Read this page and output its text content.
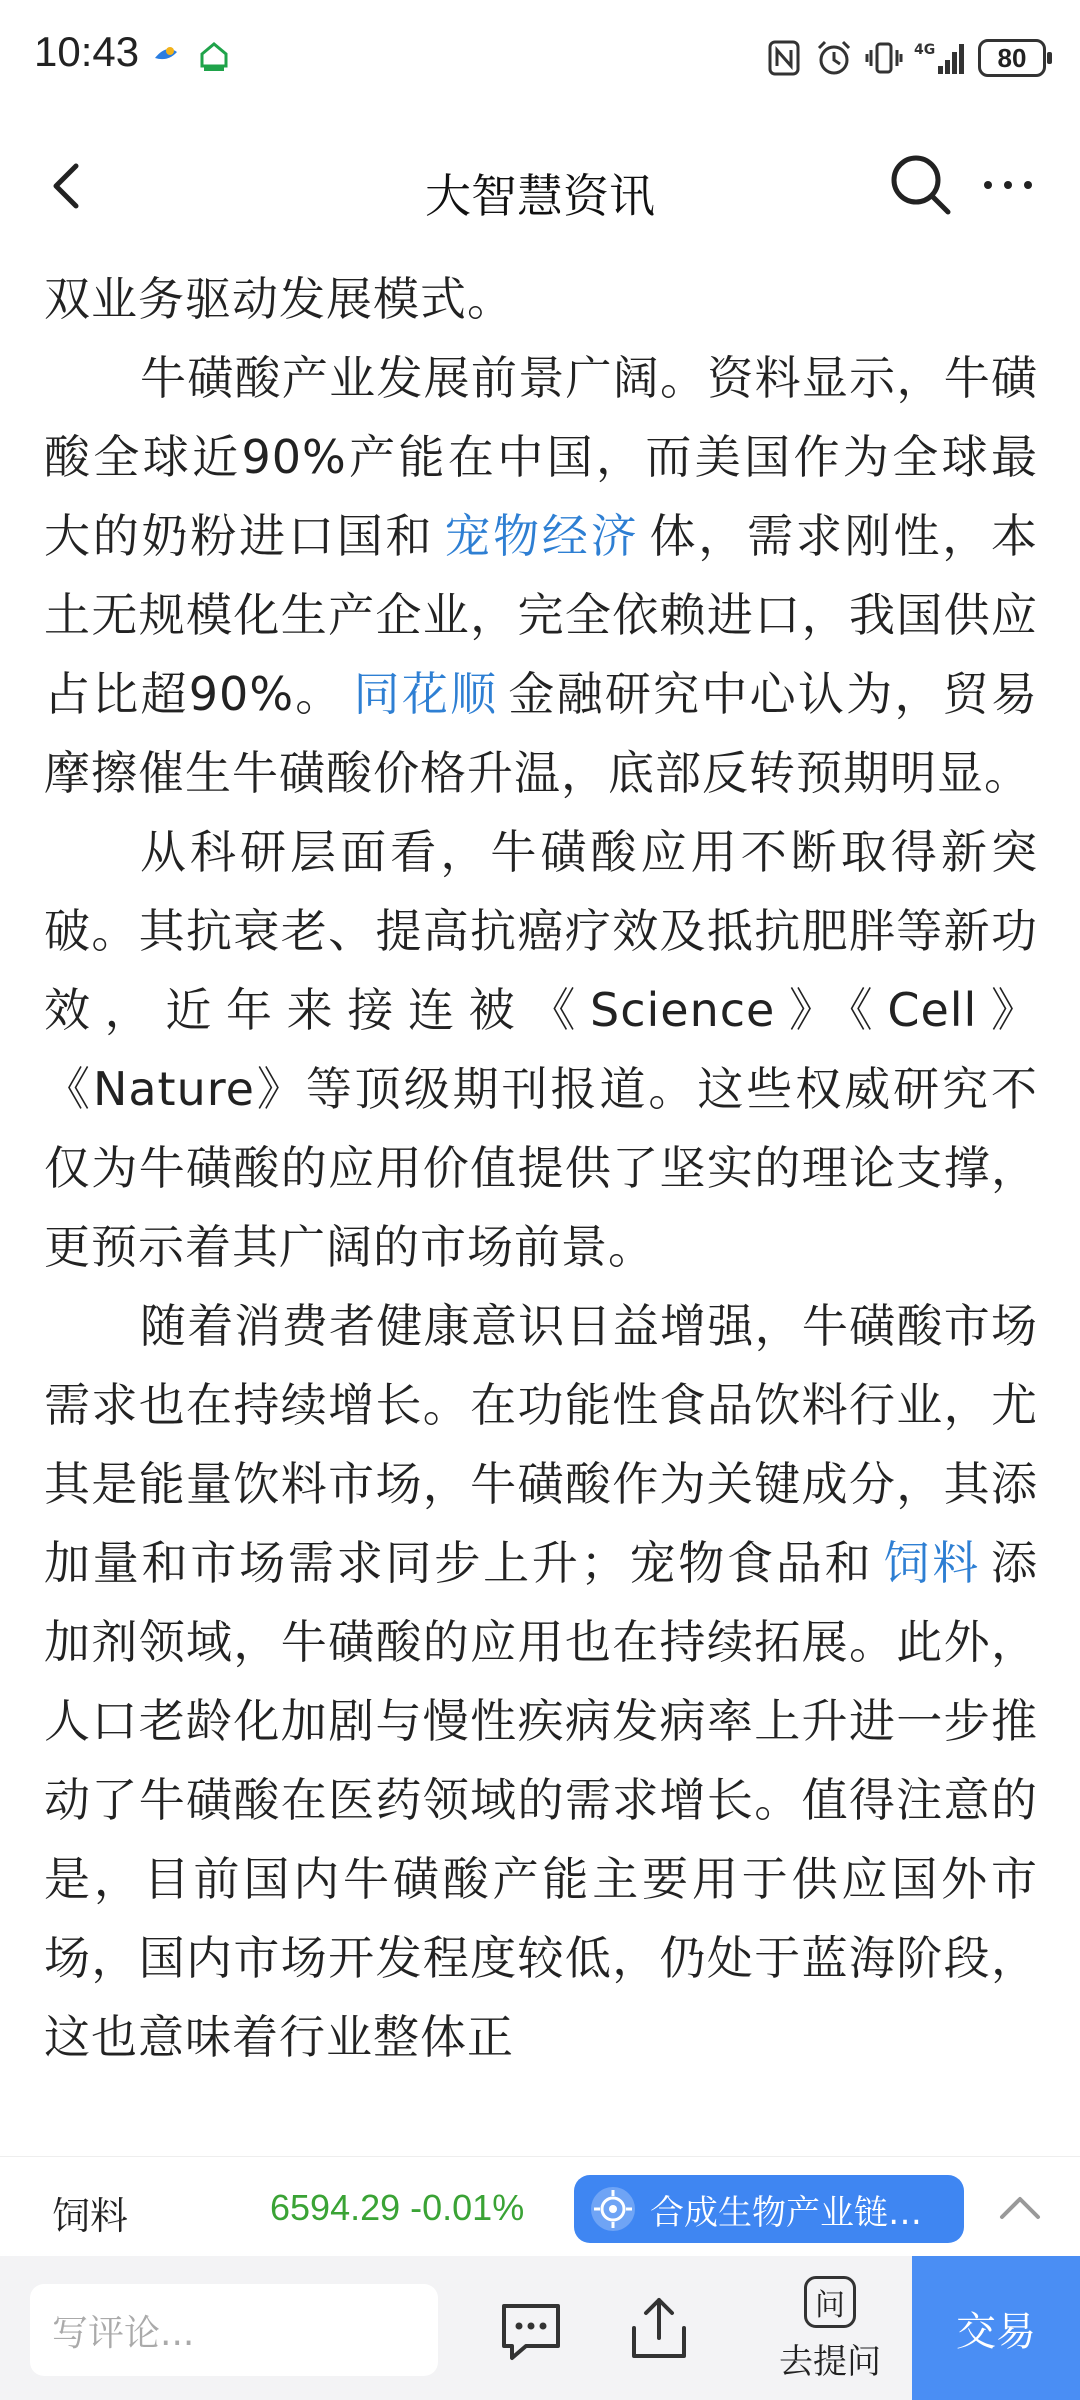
10:43	4G 80
大智慧资讯

双业务驱动发展模式。

牛磺酸产业发展前景广阔。资料显示，牛磺酸全球近90%产能在中国，而美国作为全球最大的奶粉进口国和 宠物经济 体，需求刚性，本土无规模化生产企业，完全依赖进口，我国供应占比超90%。 同花顺 金融研究中心认为，贸易摩擦催生牛磺酸价格升温，底部反转预期明显。

从科研层面看，牛磺酸应用不断取得新突破。其抗衰老、提高抗癌疗效及抵抗肥胖等新功效，近年来接连被《Science》《Cell》《Nature》等顶级期刊报道。这些权威研究不仅为牛磺酸的应用价值提供了坚实的理论支撑，更预示着其广阔的市场前景。

随着消费者健康意识日益增强，牛磺酸市场需求也在持续增长。在功能性食品饮料行业，尤其是能量饮料市场，牛磺酸作为关键成分，其添加量和市场需求同步上升；宠物食品和 饲料 添加剂领域，牛磺酸的应用也在持续拓展。此外，人口老龄化加剧与慢性疾病发病率上升进一步推动了牛磺酸在医药领域的需求增长。值得注意的是，目前国内牛磺酸产能主要用于供应国外市场，国内市场开发程度较低，仍处于蓝海阶段，这也意味着行业整体正

饲料	6594.29 -0.01%	合成生物产业链…
写评论...
问
去提问
交易
